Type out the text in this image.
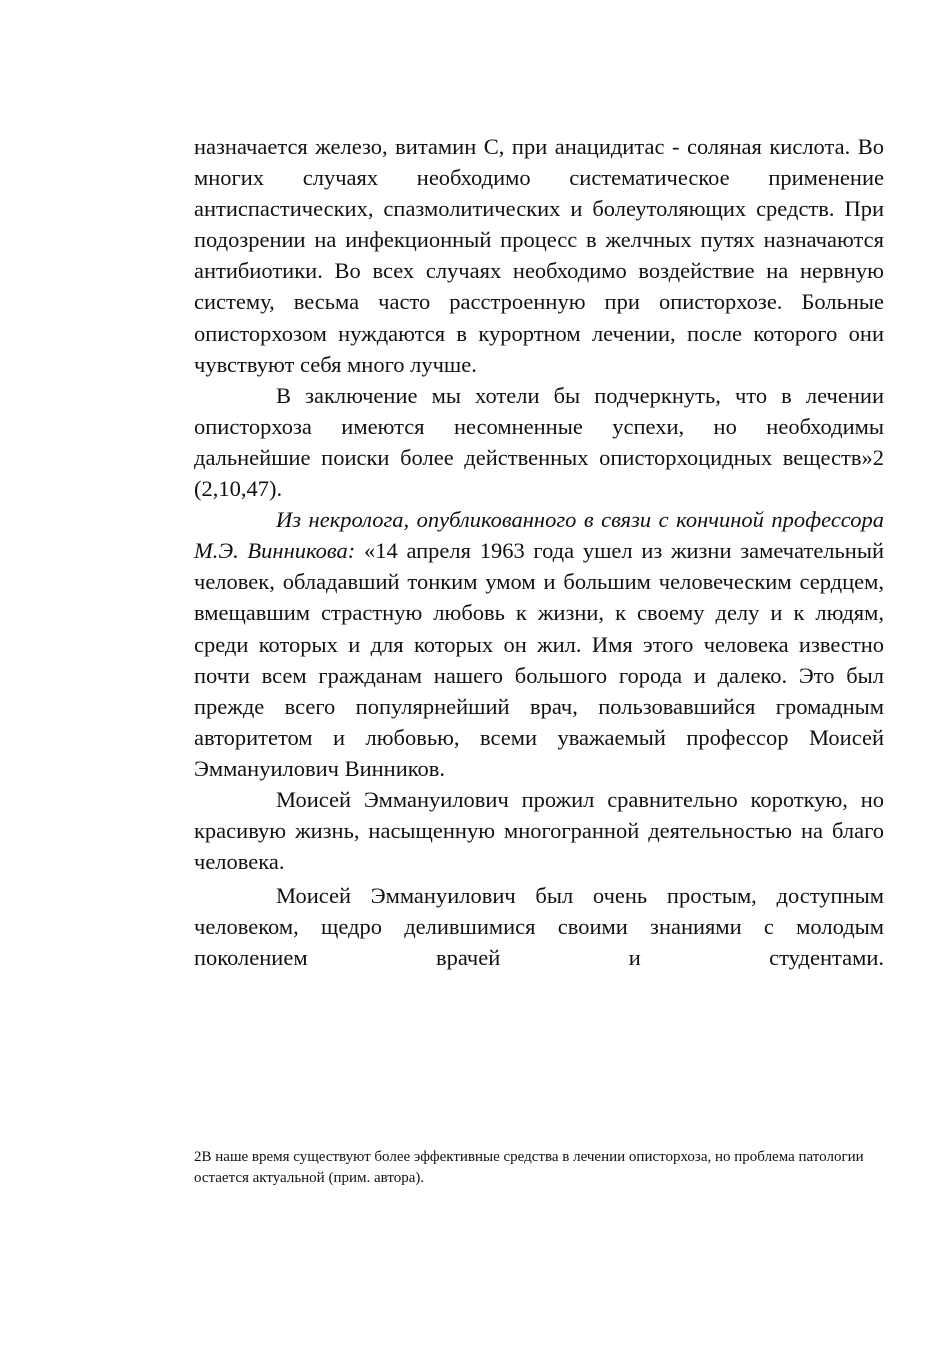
назначается железо, витамин С, при анацидитас - соляная кислота. Во многих случаях необходимо систематическое применение антиспастических, спазмолитических и болеутоляющих средств. При подозрении на инфекционный процесс в желчных путях назначаются антибиотики. Во всех случаях необходимо воздействие на нервную систему, весьма часто расстроенную при описторхозе. Больные описторхозом нуждаются в курортном лечении, после которого они чувствуют себя много лучше.

В заключение мы хотели бы подчеркнуть, что в лечении описторхоза имеются несомненные успехи, но необходимы дальнейшие поиски более действенных описторхоцидных веществ»2 (2,10,47).

Из некролога, опубликованного в связи с кончиной профессора М.Э. Винникова: «14 апреля 1963 года ушел из жизни замечательный человек, обладавший тонким умом и большим человеческим сердцем, вмещавшим страстную любовь к жизни, к своему делу и к людям, среди которых и для которых он жил. Имя этого человека известно почти всем гражданам нашего большого города и далеко. Это был прежде всего популярнейший врач, пользовавшийся громадным авторитетом и любовью, всеми уважаемый профессор Моисей Эммануилович Винников.

Моисей Эммануилович прожил сравнительно короткую, но красивую жизнь, насыщенную многогранной деятельностью на благо человека.

Моисей Эммануилович был очень простым, доступным человеком, щедро делившимися своими знаниями с молодым поколением врачей и студентами.

2В наше время существуют более эффективные средства в лечении описторхоза, но проблема патологии остается актуальной (прим. автора).
